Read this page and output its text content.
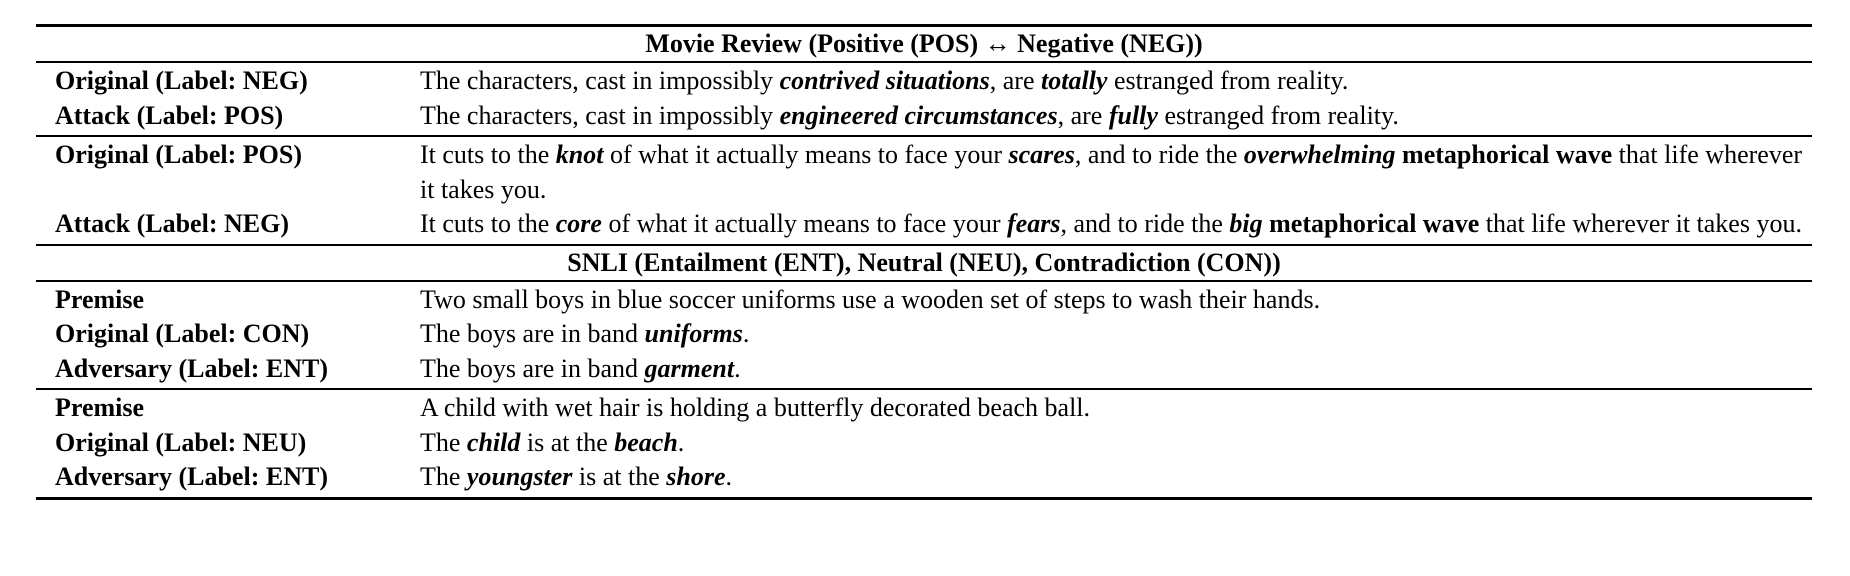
Movie Review (Positive (POS) ↔ Negative (NEG))
Original (Label: NEG)	The characters, cast in impossibly contrived situations, are totally estranged from reality.
Attack (Label: POS)	The characters, cast in impossibly engineered circumstances, are fully estranged from reality.
Original (Label: POS)	It cuts to the knot of what it actually means to face your scares, and to ride the overwhelming metaphorical wave that life wherever it takes you.
Attack (Label: NEG)	It cuts to the core of what it actually means to face your fears, and to ride the big metaphorical wave that life wherever it takes you.
SNLI (Entailment (ENT), Neutral (NEU), Contradiction (CON))
Premise	Two small boys in blue soccer uniforms use a wooden set of steps to wash their hands.
Original (Label: CON)	The boys are in band uniforms.
Adversary (Label: ENT)	The boys are in band garment.
Premise	A child with wet hair is holding a butterfly decorated beach ball.
Original (Label: NEU)	The child is at the beach.
Adversary (Label: ENT)	The youngster is at the shore.
